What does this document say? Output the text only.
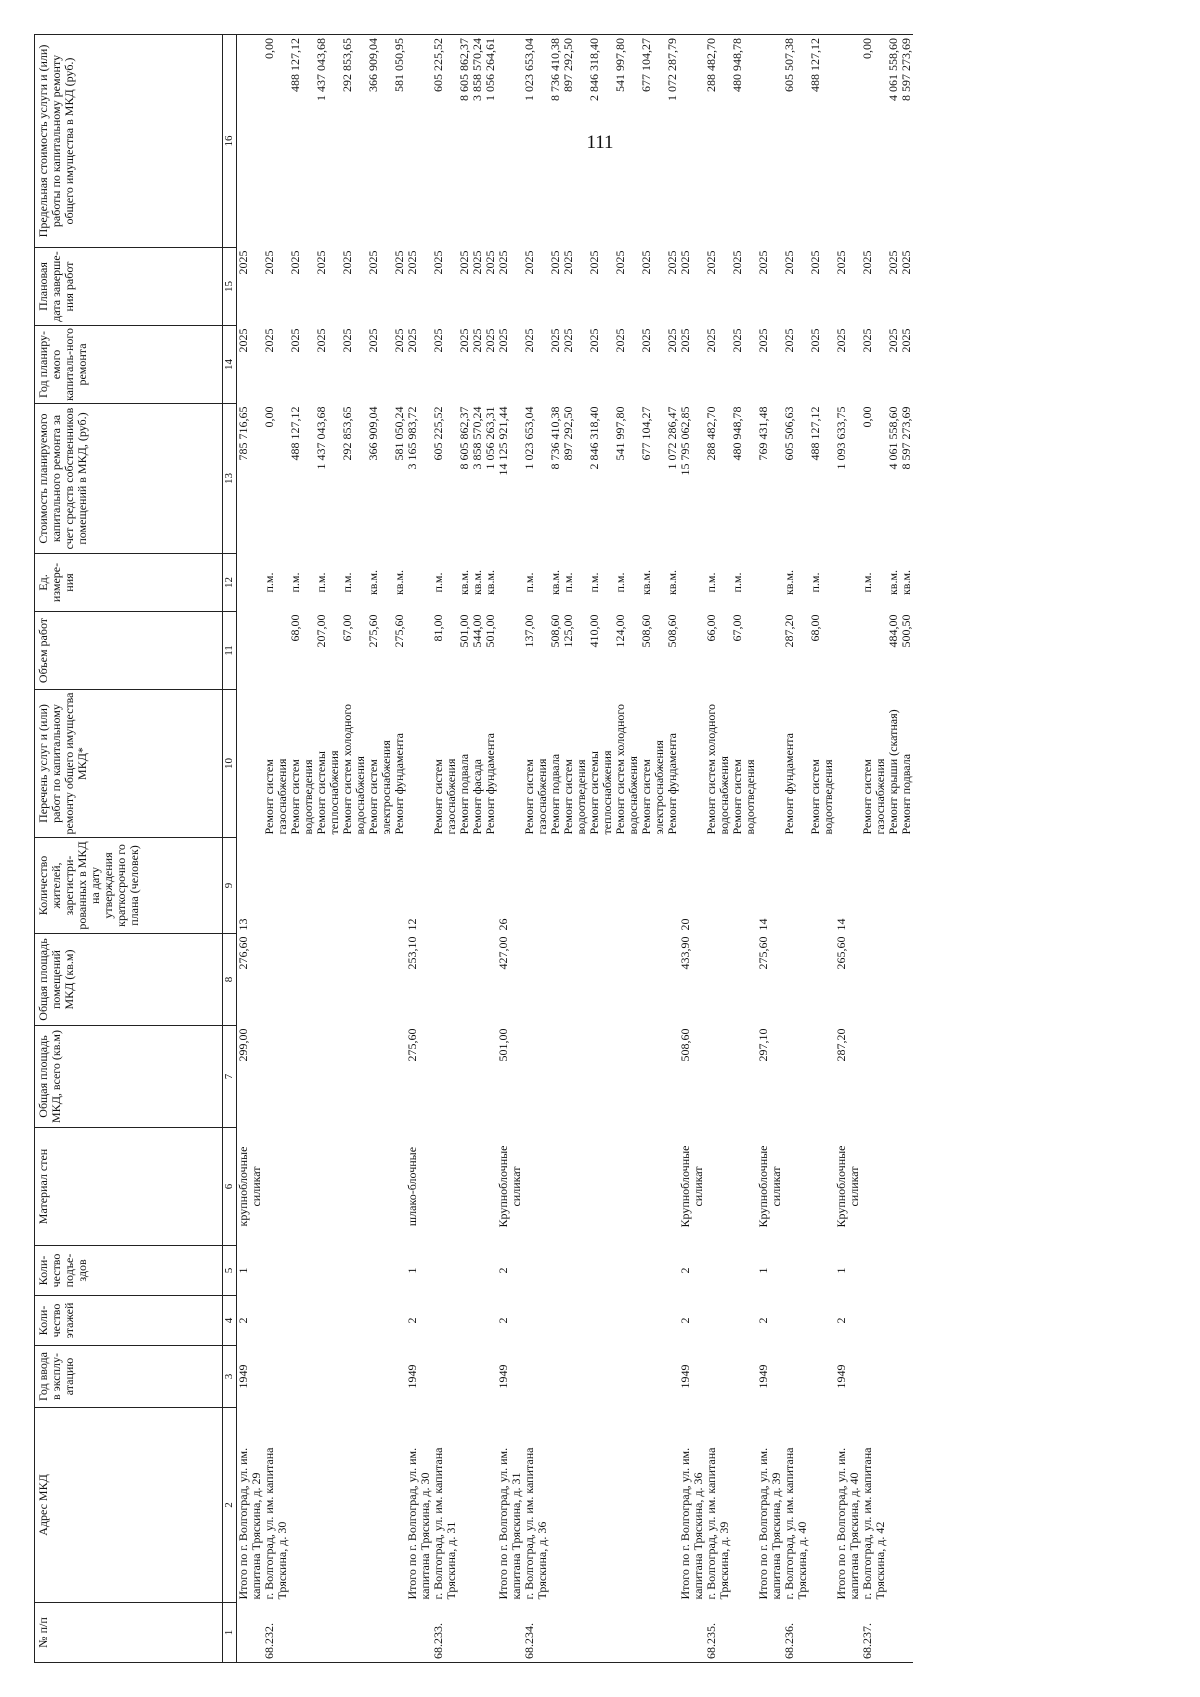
111
№ п/п	Адрес МКД	Год ввода в эксплу-атацию	Коли-чество этажей	Коли-чество подъе-здов	Материал стен	Общая площадь МКД, всего (кв.м)	Общая площадь помещений МКД (кв.м)	Количество жителей, зарегистри-рованных в МКД на дату утверждения краткосрочно го плана (человек)	Перечень услуг и (или) работ по капитальному ремонту общего имущества МКД*	Объем работ	Ед. измере-ния	Стоимость планируемого капитального ремонта за счет средств собственников помещений в МКД, (руб.)	Год планиру-емого капиталь-ного ремонта	Плановая дата заверше-ния работ	Предельная стоимость услуги и (или) работы по капитальному ремонту общего имущества в МКД (руб.)
1	2	3	4	5	6	7	8	9	10	11	12	13	14	15	16
	Итого по г. Волгоград, ул. им. капитана Тряскина, д. 29	1949	2	1	крупноблочные силикат	299,00	276,60	13				785 716,65	2025	2025	
68.232.	г. Волгоград, ул. им. капитана Тряскина, д. 30								Ремонт систем газоснабжения		п.м.	0,00	2025	2025	0,00
									Ремонт систем водоотведения	68,00	п.м.	488 127,12	2025	2025	488 127,12
									Ремонт системы теплоснабжения	207,00	п.м.	1 437 043,68	2025	2025	1 437 043,68
									Ремонт систем холодного водоснабжения	67,00	п.м.	292 853,65	2025	2025	292 853,65
									Ремонт систем электроснабжения	275,60	кв.м.	366 909,04	2025	2025	366 909,04
									Ремонт фундамента	275,60	кв.м.	581 050,24	2025	2025	581 050,95
	Итого по г. Волгоград, ул. им. капитана Тряскина, д. 30	1949	2	1	шлако-блочные	275,60	253,10	12				3 165 983,72	2025	2025	
68.233.	г. Волгоград, ул. им. капитана Тряскина, д. 31								Ремонт систем газоснабжения	81,00	п.м.	605 225,52	2025	2025	605 225,52
									Ремонт подвала	501,00	кв.м.	8 605 862,37	2025	2025	8 605 862,37
									Ремонт фасада	544,00	кв.м.	3 858 570,24	2025	2025	3 858 570,24
									Ремонт фундамента	501,00	кв.м.	1 056 263,31	2025	2025	1 056 264,61
	Итого по г. Волгоград, ул. им. капитана Тряскина, д. 31	1949	2	2	Крупноблочные силикат	501,00	427,00	26				14 125 921,44	2025	2025	
68.234.	г. Волгоград, ул. им. капитана Тряскина, д. 36								Ремонт систем газоснабжения	137,00	п.м.	1 023 653,04	2025	2025	1 023 653,04
									Ремонт подвала	508,60	кв.м.	8 736 410,38	2025	2025	8 736 410,38
									Ремонт систем водоотведения	125,00	п.м.	897 292,50	2025	2025	897 292,50
									Ремонт системы теплоснабжения	410,00	п.м.	2 846 318,40	2025	2025	2 846 318,40
									Ремонт систем холодного водоснабжения	124,00	п.м.	541 997,80	2025	2025	541 997,80
									Ремонт систем электроснабжения	508,60	кв.м.	677 104,27	2025	2025	677 104,27
									Ремонт фундамента	508,60	кв.м.	1 072 286,47	2025	2025	1 072 287,79
	Итого по г. Волгоград, ул. им. капитана Тряскина, д. 36	1949	2	2	Крупноблочные силикат	508,60	433,90	20				15 795 062,85	2025	2025	
68.235.	г. Волгоград, ул. им. капитана Тряскина, д. 39								Ремонт систем холодного водоснабжения	66,00	п.м.	288 482,70	2025	2025	288 482,70
									Ремонт систем водоотведения	67,00	п.м.	480 948,78	2025	2025	480 948,78
	Итого по г. Волгоград, ул. им. капитана Тряскина, д. 39	1949	2	1	Крупноблочные силикат	297,10	275,60	14				769 431,48	2025	2025	
68.236.	г. Волгоград, ул. им. капитана Тряскина, д. 40								Ремонт фундамента	287,20	кв.м.	605 506,63	2025	2025	605 507,38
									Ремонт систем водоотведения	68,00	п.м.	488 127,12	2025	2025	488 127,12
	Итого по г. Волгоград, ул. им. капитана Тряскина, д. 40	1949	2	1	Крупноблочные силикат	287,20	265,60	14				1 093 633,75	2025	2025	
68.237.	г. Волгоград, ул. им. капитана Тряскина, д. 42								Ремонт систем газоснабжения		п.м.	0,00	2025	2025	0,00
									Ремонт крыши (скатная)	484,00	кв.м.	4 061 558,60	2025	2025	4 061 558,60
									Ремонт подвала	500,50	кв.м.	8 597 273,69	2025	2025	8 597 273,69
